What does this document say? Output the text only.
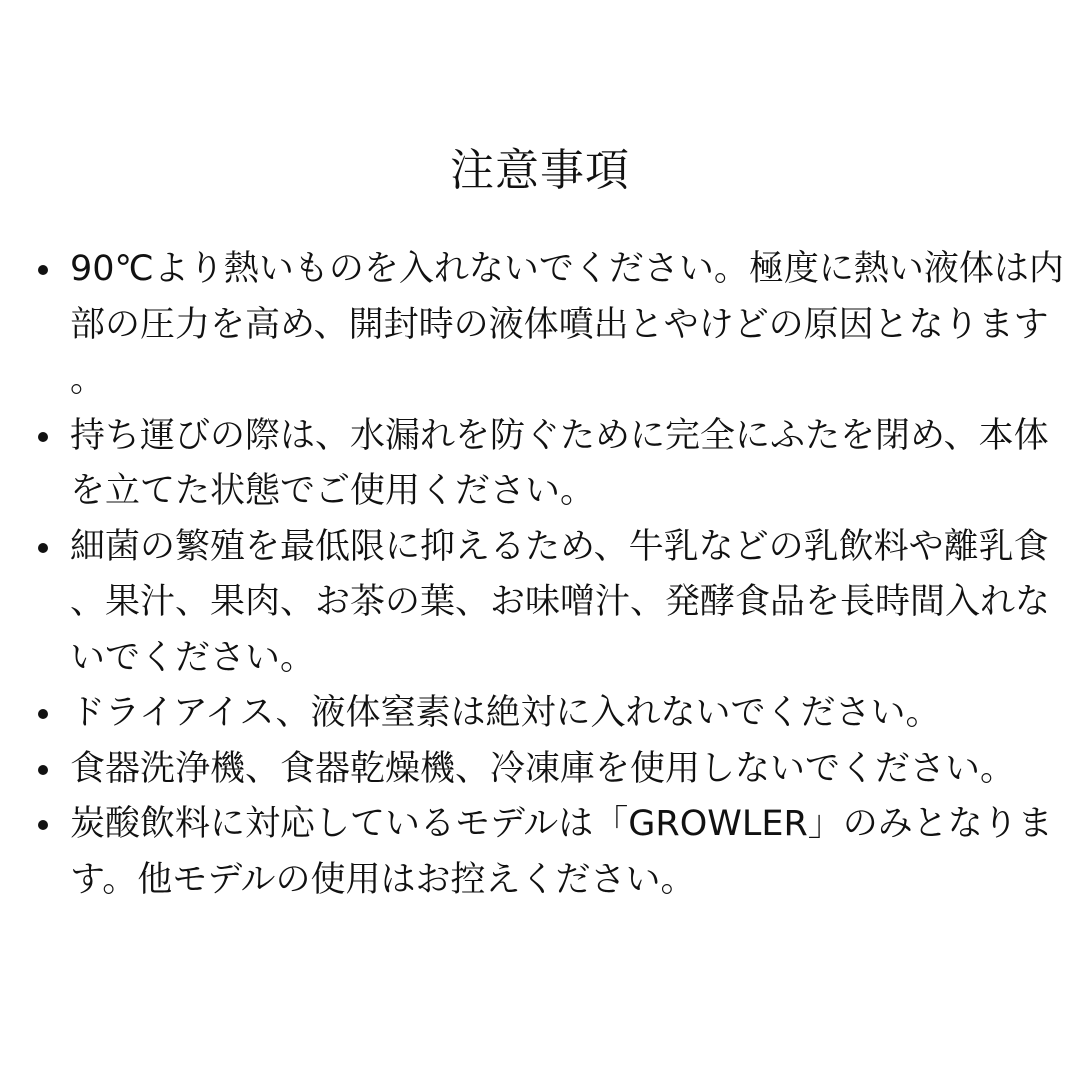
注意事項
90℃より熱いものを入れないでください。極度に熱い液体は内部の圧力を高め、開封時の液体噴出とやけどの原因となります。
持ち運びの際は、水漏れを防ぐために完全にふたを閉め、本体を立てた状態でご使用ください。
細菌の繁殖を最低限に抑えるため、牛乳などの乳飲料や離乳食、果汁、果肉、お茶の葉、お味噌汁、発酵食品を長時間入れないでください。
ドライアイス、液体窒素は絶対に入れないでください。
食器洗浄機、食器乾燥機、冷凍庫を使用しないでください。
炭酸飲料に対応しているモデルは「GROWLER」のみとなります。他モデルの使用はお控えください。
